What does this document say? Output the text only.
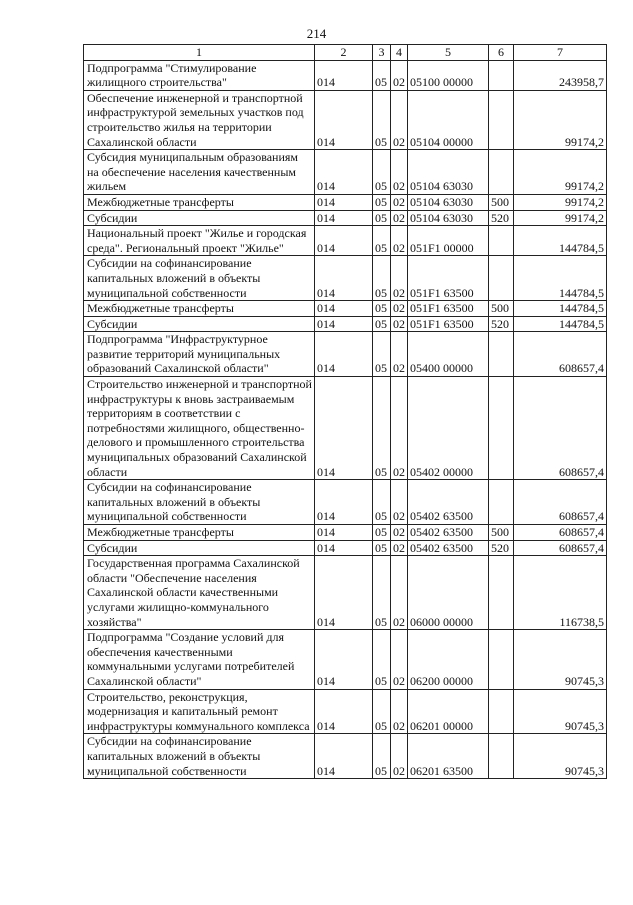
214
1	2	3	4	5	6	7
Подпрограмма "Стимулирование жилищного строительства"	014	05	02	05100 00000		243958,7
Обеспечение инженерной и транспортной инфраструктурой земельных участков под строительство жилья на территории Сахалинской области	014	05	02	05104 00000		99174,2
Субсидия муниципальным образованиям на обеспечение населения качественным жильем	014	05	02	05104 63030		99174,2
Межбюджетные трансферты	014	05	02	05104 63030	500	99174,2
Субсидии	014	05	02	05104 63030	520	99174,2
Национальный проект "Жилье и городская среда". Региональный проект "Жилье"	014	05	02	051F1 00000		144784,5
Субсидии на софинансирование капитальных вложений в объекты муниципальной собственности	014	05	02	051F1 63500		144784,5
Межбюджетные трансферты	014	05	02	051F1 63500	500	144784,5
Субсидии	014	05	02	051F1 63500	520	144784,5
Подпрограмма "Инфраструктурное развитие территорий муниципальных образований Сахалинской области"	014	05	02	05400 00000		608657,4
Строительство инженерной и транспортной инфраструктуры к вновь застраиваемым территориям в соответствии с потребностями жилищного, общественно-делового и промышленного строительства муниципальных образований Сахалинской области	014	05	02	05402 00000		608657,4
Субсидии на софинансирование капитальных вложений в объекты муниципальной собственности	014	05	02	05402 63500		608657,4
Межбюджетные трансферты	014	05	02	05402 63500	500	608657,4
Субсидии	014	05	02	05402 63500	520	608657,4
Государственная программа Сахалинской области "Обеспечение населения Сахалинской области качественными услугами жилищно-коммунального хозяйства"	014	05	02	06000 00000		116738,5
Подпрограмма "Создание условий для обеспечения качественными коммунальными услугами потребителей Сахалинской области"	014	05	02	06200 00000		90745,3
Строительство, реконструкция, модернизация и капитальный ремонт инфраструктуры коммунального комплекса	014	05	02	06201 00000		90745,3
Субсидии на софинансирование капитальных вложений в объекты муниципальной собственности	014	05	02	06201 63500		90745,3
